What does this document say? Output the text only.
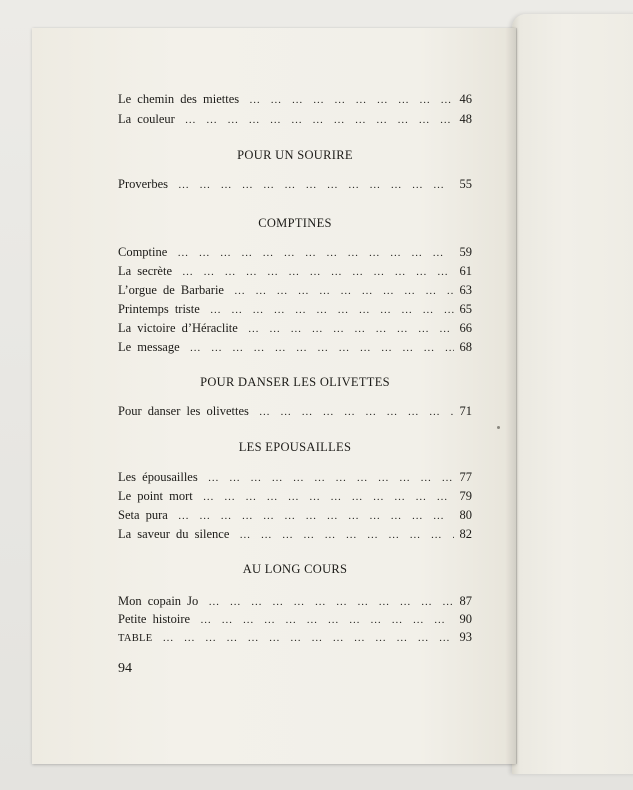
Le chemin des miettes … … … … … … … … … … … … … … … … … … …	46
La couleur … … … … … … … … … … … … … … … … … … …	48
POUR UN SOURIRE
Proverbes … … … … … … … … … … … … … … … … … … …	55
COMPTINES
Comptine … … … … … … … … … … … … … … … … … … …	59
La secrète … … … … … … … … … … … … … … … … … … …	61
L’orgue de Barbarie … … … … … … … … … … … … … … … … … … …	63
Printemps triste … … … … … … … … … … … … … … … … … … …	65
La victoire d’Héraclite … … … … … … … … … … … … … … … … … … …	66
Le message … … … … … … … … … … … … … … … … … … …	68
POUR DANSER LES OLIVETTES
Pour danser les olivettes … … … … … … … … … … … … … … … … … … …	71
LES EPOUSAILLES
Les épousailles … … … … … … … … … … … … … … … … … … …	77
Le point mort … … … … … … … … … … … … … … … … … … …	79
Seta pura … … … … … … … … … … … … … … … … … … …	80
La saveur du silence … … … … … … … … … … … … … … … … … … …	82
AU LONG COURS
Mon copain Jo … … … … … … … … … … … … … … … … … … …	87
Petite histoire … … … … … … … … … … … … … … … … … … …	90
TABLE … … … … … … … … … … … … … … … … … … …	93
94
